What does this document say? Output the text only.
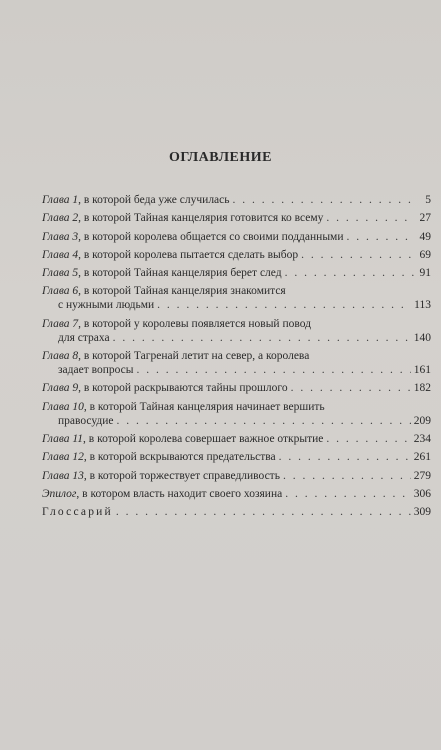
ОГЛАВЛЕНИЕ
Глава 1, в которой беда уже случилась . . .	5
Глава 2, в которой Тайная канцелярия готовится ко всему . . .	27
Глава 3, в которой королева общается со своими подданными . . .	49
Глава 4, в которой королева пытается сделать выбор . . .	69
Глава 5, в которой Тайная канцелярия берет след . . .	91
Глава 6, в которой Тайная канцелярия знакомится
с нужными людьми . . .	113
Глава 7, в которой у королевы появляется новый повод
для страха . . .	140
Глава 8, в которой Тагренай летит на север, а королева
задает вопросы . . .	161
Глава 9, в которой раскрываются тайны прошлого . . .	182
Глава 10, в которой Тайная канцелярия начинает вершить
правосудие . . .	209
Глава 11, в которой королева совершает важное открытие . . .	234
Глава 12, в которой вскрываются предательства . . .	261
Глава 13, в которой торжествует справедливость . . .	279
Эпилог, в котором власть находит своего хозяина . . .	306
Глоссарий . . .	309
